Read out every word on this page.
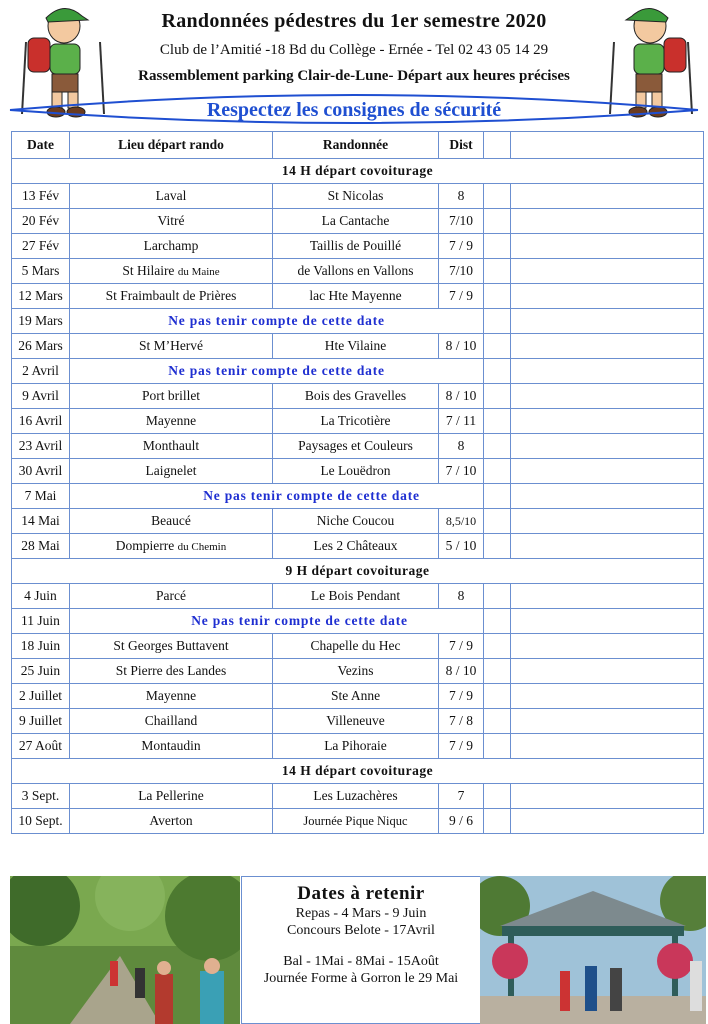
Randonnées pédestres du 1er semestre 2020
Club de l’Amitié -18 Bd du Collège - Ernée - Tel 02 43 05 14 29
Rassemblement parking Clair-de-Lune- Départ aux heures précises
Respectez les consignes de sécurité
Date	Lieu départ rando	Randonnée	Dist		
14 H départ covoiturage					
13 Fév	Laval	St Nicolas	8		
20 Fév	Vitré	La Cantache	7/10		
27 Fév	Larchamp	Taillis de Pouillé	7 / 9		
5 Mars	St Hilaire du Maine	de Vallons en Vallons	7/10		
12 Mars	St Fraimbault de Prières	lac Hte Mayenne	7 / 9		
19 Mars	Ne pas tenir compte de cette date				
26 Mars	St M’Hervé	Hte Vilaine	8 / 10		
2 Avril	Ne pas tenir compte de cette date				
9 Avril	Port brillet	Bois des Gravelles	8 / 10		
16 Avril	Mayenne	La Tricotière	7 / 11		
23 Avril	Monthault	Paysages et Couleurs	8		
30 Avril	Laignelet	Le Louëdron	7 / 10		
7 Mai	Ne pas tenir compte de cette date				
14 Mai	Beaucé	Niche Coucou	8,5/10		
28 Mai	Dompierre du Chemin	Les 2 Châteaux	5 / 10		
9 H départ covoiturage					
4 Juin	Parcé	Le Bois Pendant	8		
11 Juin	Ne pas tenir compte de cette date				
18 Juin	St Georges Buttavent	Chapelle du Hec	7 / 9		
25 Juin	St Pierre des Landes	Vezins	8 / 10		
2 Juillet	Mayenne	Ste Anne	7 / 9		
9 Juillet	Chailland	Villeneuve	7 / 8		
27 Août	Montaudin	La Pihoraie	7 / 9		
14 H départ covoiturage					
3 Sept.	La Pellerine	Les Luzachères	7		
10 Sept.	Averton	Journée Pique Niquc	9 / 6		
Dates à retenir
Repas - 4 Mars - 9 Juin
Concours Belote - 17Avril
Bal - 1Mai - 8Mai - 15Août
Journée Forme à Gorron le 29 Mai
